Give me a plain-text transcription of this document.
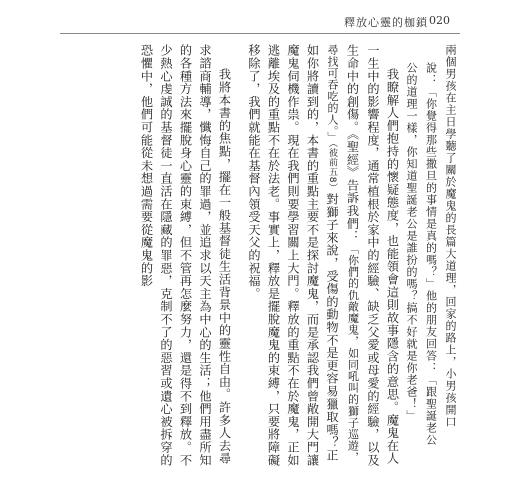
釋放心靈的枷鎖 020

兩個男孩在主日學聽了關於魔鬼的長篇大道理，回家的路上，小男孩開口

說：「你覺得那些撒旦的事情是真的嗎？」他的朋友回答：「跟聖誕老公

公的道理一樣，你知道聖誕老公是誰扮的嗎？搞不好就是你老爸！」

我瞭解人們抱持的懷疑態度，也能領會這則故事隱含的意思。魔鬼在人一生中的影響程度，通常植根於家中的經驗、缺乏父愛或母愛的經驗，以及生命中的創傷。《聖經》告訴我們：「你們的仇敵魔鬼，如同吼叫的獅子巡遊，尋找可吞吃的人。」（彼前五8）對獅子來說，受傷的動物不是更容易獵取嗎？正如你將讀到的，本書的重點主要不是探討魔鬼，而是承認我們曾敞開大門讓魔鬼伺機作祟。現在我們則要學習關上大門。釋放的重點不在於魔鬼，正如逃離埃及的重點不在於法老。事實上，釋放是擺脫魔鬼的束縛，只要將障礙移除了，我們就能在基督內領受天父的祝福。

我將本書的焦點，擺在一般基督徒生活背景中的靈性自由。許多人去尋求諮商輔導，懺悔自己的罪過，並追求以天主為中心的生活；他們用盡所知的各種方法來擺脫身心靈的束縛，但不管再怎麼努力，還是得不到釋放。不少熱心虔誠的基督徒一直活在隱藏的罪惡，克制不了的惡習或遺心被拆穿的恐懼中，他們可能從未想過需要從魔鬼的影
